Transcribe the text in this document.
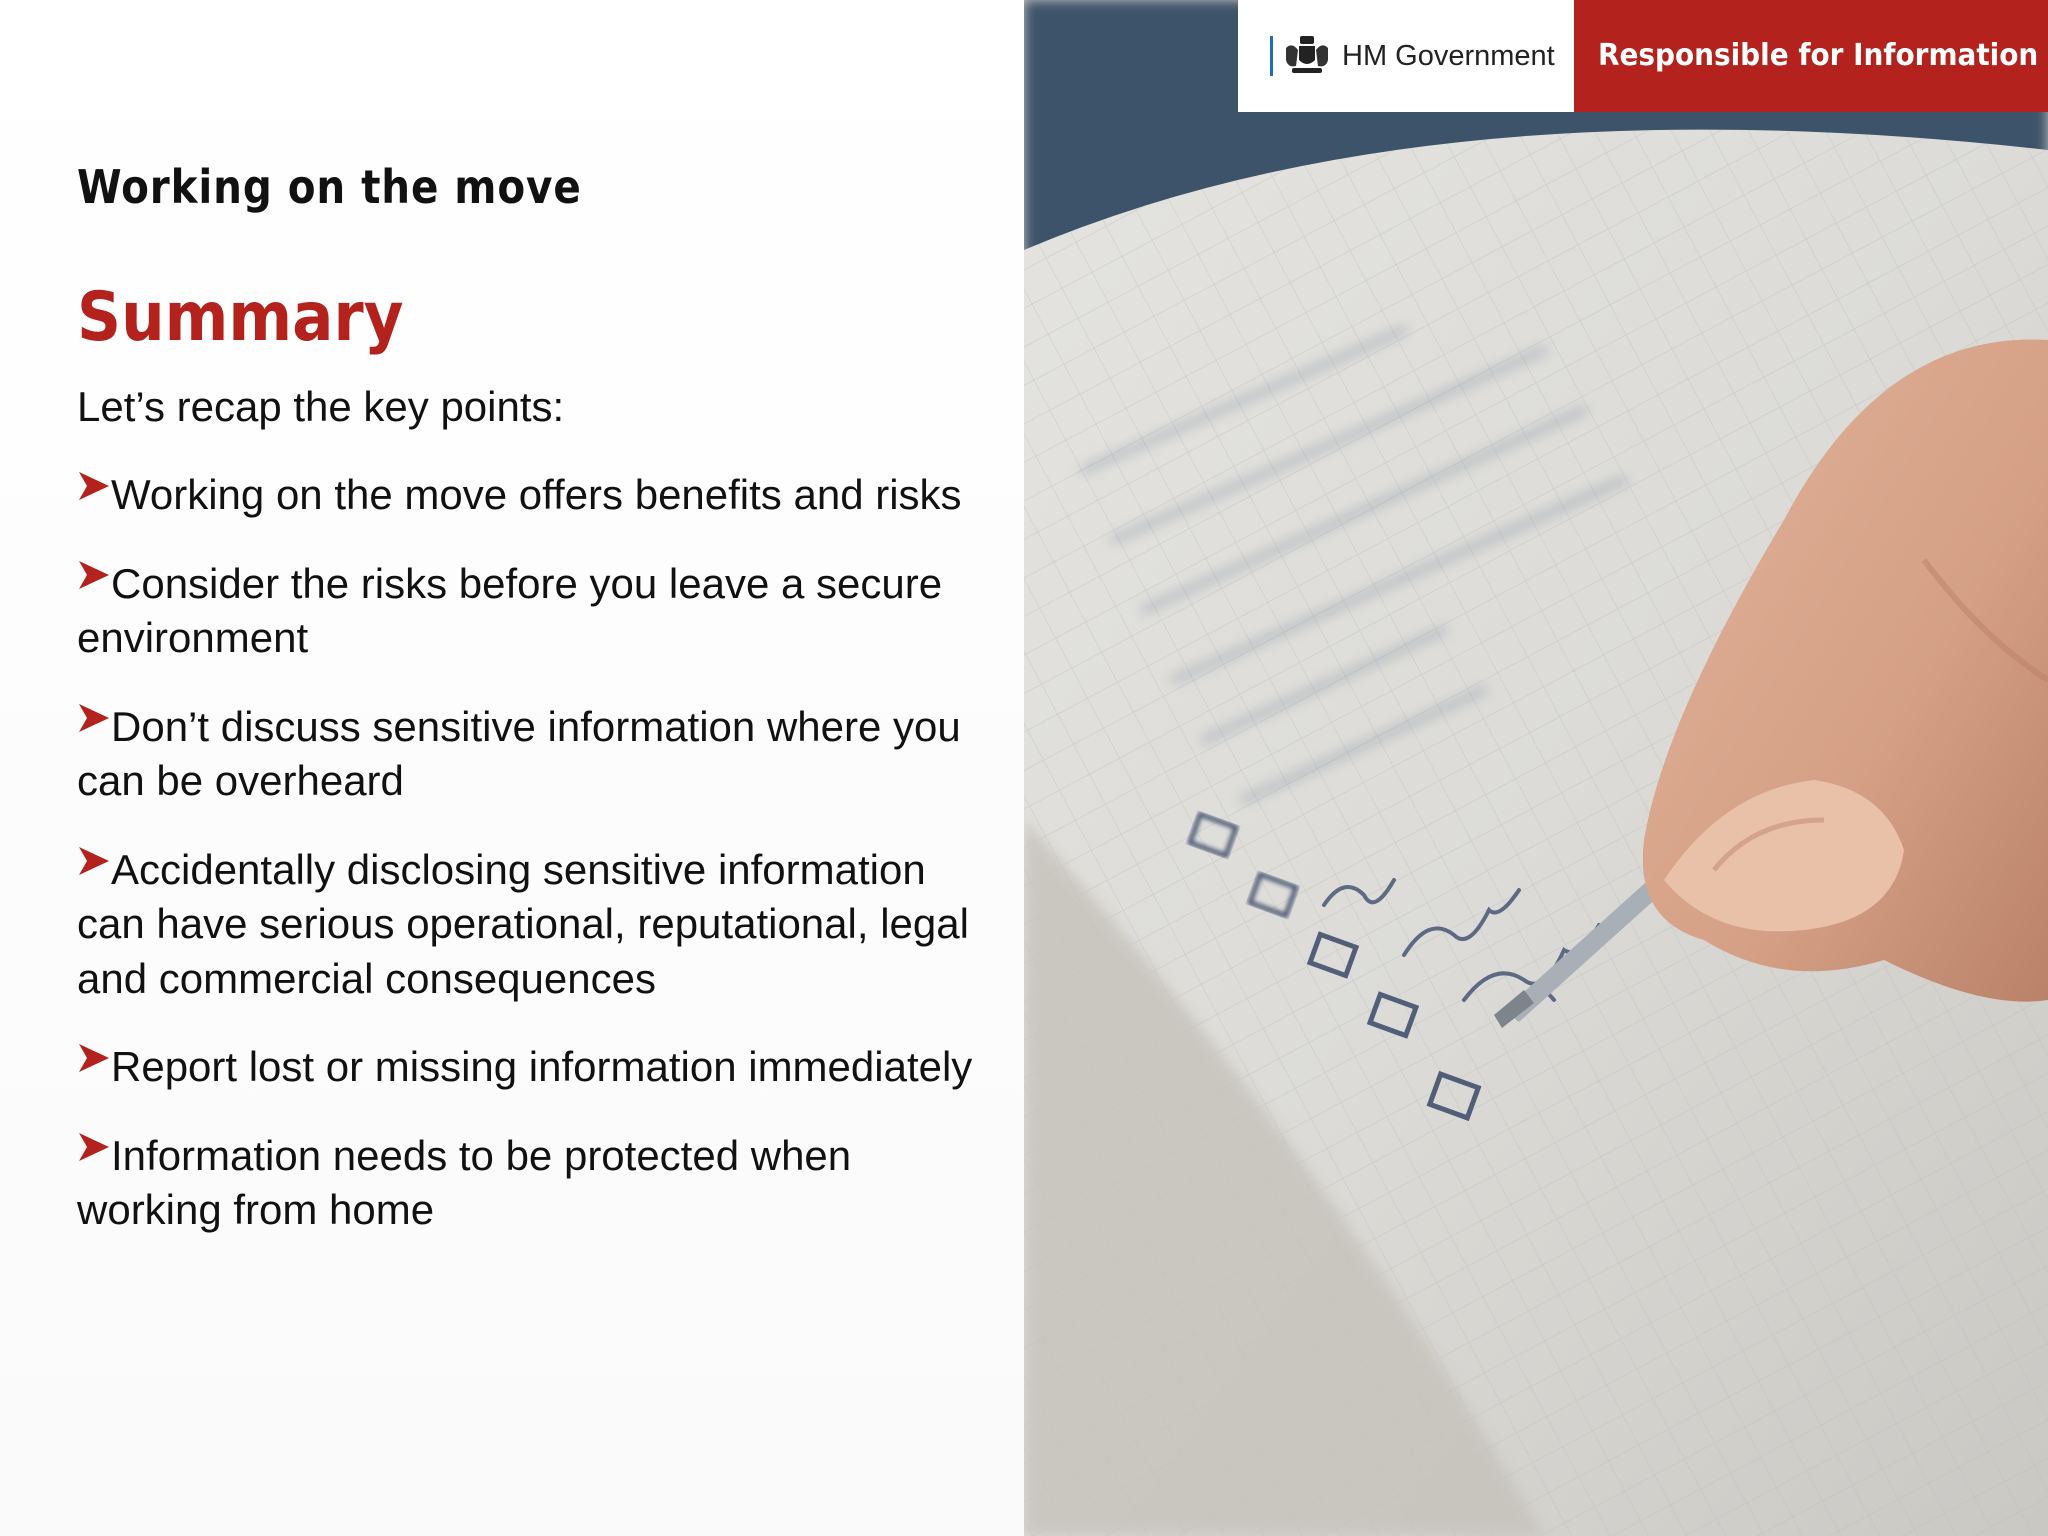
Working on the move
Summary

Let’s recap the key points:

Working on the move offers benefits and risks
Consider the risks before you leave a secure environment
Don’t discuss sensitive information where you can be overheard
Accidentally disclosing sensitive information can have serious operational, reputational, legal and commercial consequences
Report lost or missing information immediately
Information needs to be protected when working from home
HM Government Responsible for Information
